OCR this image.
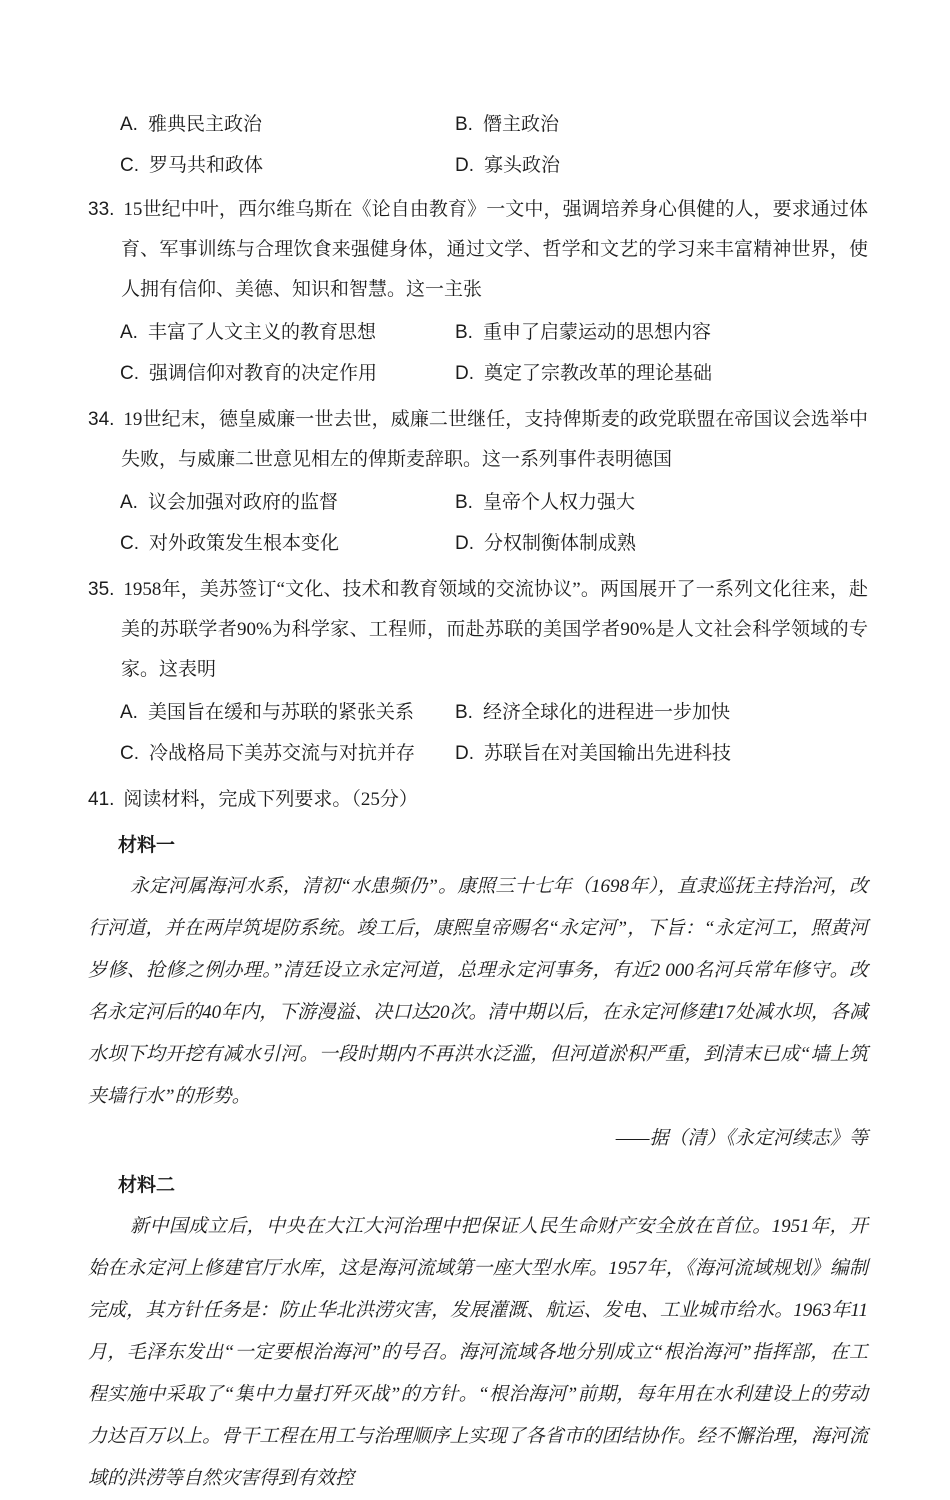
A. 雅典民主政治	B. 僭主政治
C. 罗马共和政体	D. 寡头政治

33. 15世纪中叶，西尔维乌斯在《论自由教育》一文中，强调培养身心俱健的人，要求通过体育、军事训练与合理饮食来强健身体，通过文学、哲学和文艺的学习来丰富精神世界，使人拥有信仰、美德、知识和智慧。这一主张

A. 丰富了人文主义的教育思想	B. 重申了启蒙运动的思想内容
C. 强调信仰对教育的决定作用	D. 奠定了宗教改革的理论基础

34. 19世纪末，德皇威廉一世去世，威廉二世继任，支持俾斯麦的政党联盟在帝国议会选举中失败，与威廉二世意见相左的俾斯麦辞职。这一系列事件表明德国

A. 议会加强对政府的监督	B. 皇帝个人权力强大
C. 对外政策发生根本变化	D. 分权制衡体制成熟

35. 1958年，美苏签订“文化、技术和教育领域的交流协议”。两国展开了一系列文化往来，赴美的苏联学者90%为科学家、工程师，而赴苏联的美国学者90%是人文社会科学领域的专家。这表明

A. 美国旨在缓和与苏联的紧张关系	B. 经济全球化的进程进一步加快
C. 冷战格局下美苏交流与对抗并存	D. 苏联旨在对美国输出先进科技

41. 阅读材料，完成下列要求。（25分）

材料一

永定河属海河水系，清初“水患频仍”。康照三十七年（1698年），直隶巡抚主持治河，改行河道，并在两岸筑堤防系统。竣工后，康熙皇帝赐名“永定河”，下旨：“永定河工，照黄河岁修、抢修之例办理。”清廷设立永定河道，总理永定河事务，有近2 000名河兵常年修守。改名永定河后的40年内，下游漫溢、决口达20次。清中期以后，在永定河修建17处减水坝，各减水坝下均开挖有减水引河。一段时期内不再洪水泛滥，但河道淤积严重，到清末已成“墙上筑夹墙行水”的形势。

——据（清）《永定河续志》等

材料二

新中国成立后，中央在大江大河治理中把保证人民生命财产安全放在首位。1951年，开始在永定河上修建官厅水库，这是海河流域第一座大型水库。1957年，《海河流域规划》编制完成，其方针任务是：防止华北洪涝灾害，发展灌溉、航运、发电、工业城市给水。1963年11月，毛泽东发出“一定要根治海河”的号召。海河流域各地分别成立“根治海河”指挥部，在工程实施中采取了“集中力量打歼灭战”的方针。“根治海河”前期，每年用在水利建设上的劳动力达百万以上。骨干工程在用工与治理顺序上实现了各省市的团结协作。经不懈治理，海河流域的洪涝等自然灾害得到有效控
